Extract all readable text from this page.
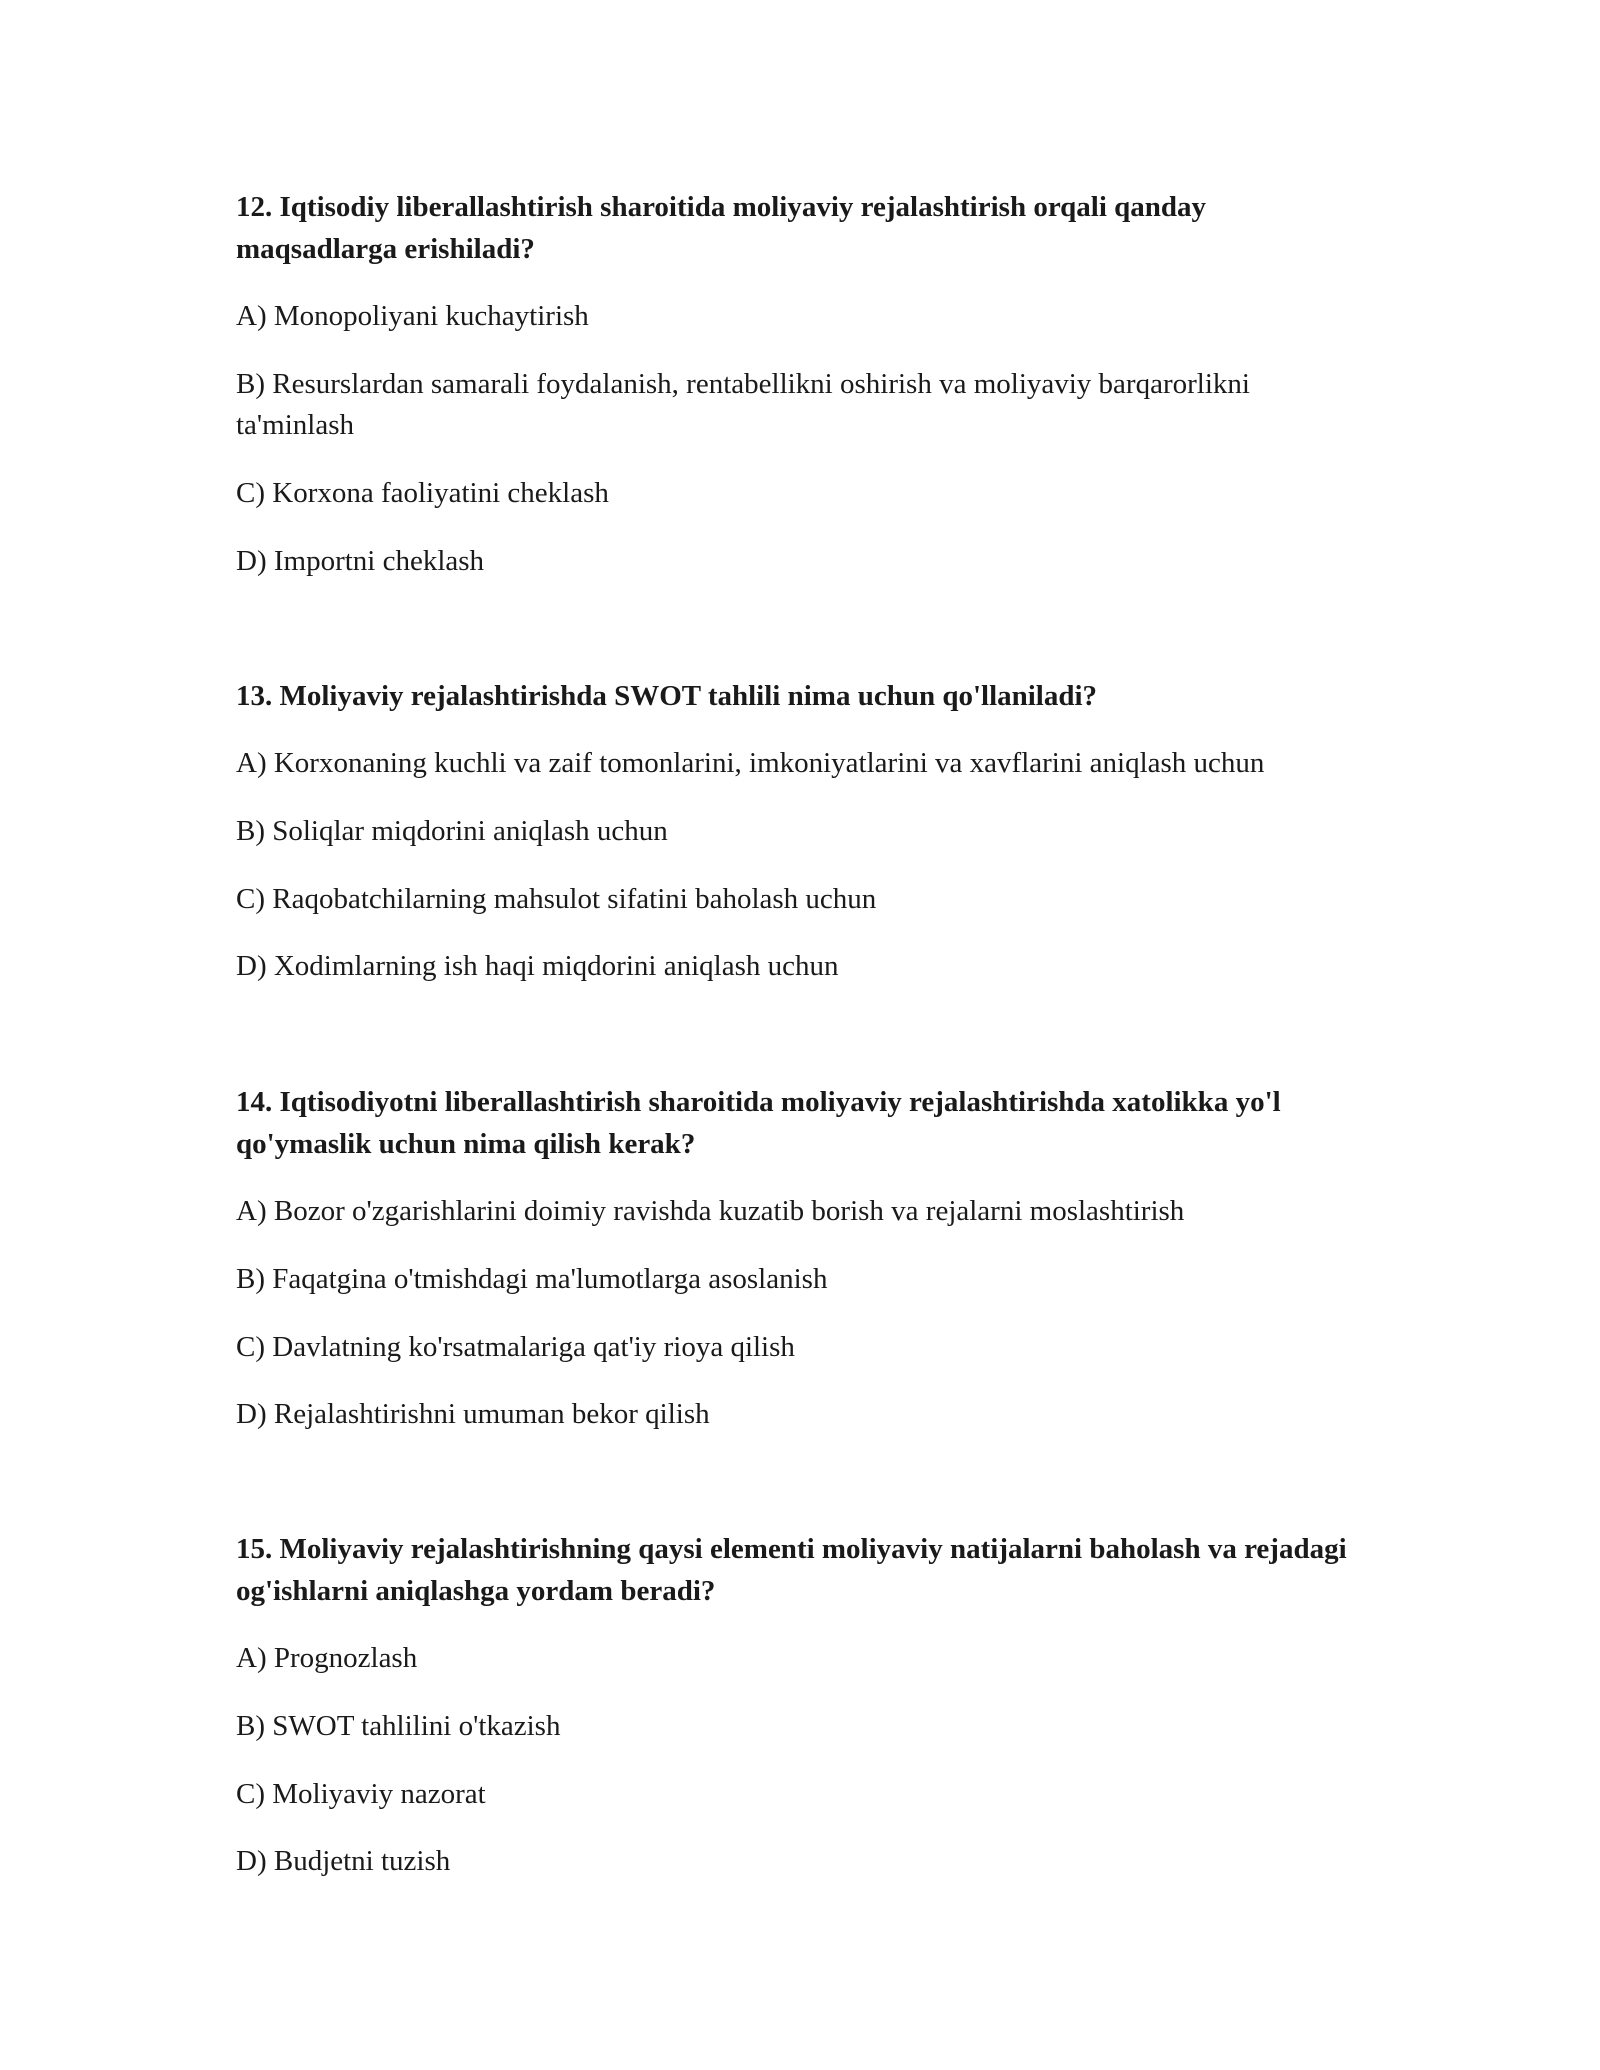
12. Iqtisodiy liberallashtirish sharoitida moliyaviy rejalashtirish orqali qanday maqsadlarga erishiladi?

A) Monopoliyani kuchaytirish

B) Resurslardan samarali foydalanish, rentabellikni oshirish va moliyaviy barqarorlikni ta'minlash

C) Korxona faoliyatini cheklash

D) Importni cheklash

13. Moliyaviy rejalashtirishda SWOT tahlili nima uchun qo'llaniladi?

A) Korxonaning kuchli va zaif tomonlarini, imkoniyatlarini va xavflarini aniqlash uchun

B) Soliqlar miqdorini aniqlash uchun

C) Raqobatchilarning mahsulot sifatini baholash uchun

D) Xodimlarning ish haqi miqdorini aniqlash uchun

14. Iqtisodiyotni liberallashtirish sharoitida moliyaviy rejalashtirishda xatolikka yo'l qo'ymaslik uchun nima qilish kerak?

A) Bozor o'zgarishlarini doimiy ravishda kuzatib borish va rejalarni moslashtirish

B) Faqatgina o'tmishdagi ma'lumotlarga asoslanish

C) Davlatning ko'rsatmalariga qat'iy rioya qilish

D) Rejalashtirishni umuman bekor qilish

15. Moliyaviy rejalashtirishning qaysi elementi moliyaviy natijalarni baholash va rejadagi og'ishlarni aniqlashga yordam beradi?

A) Prognozlash

B) SWOT tahlilini o'tkazish

C) Moliyaviy nazorat

D) Budjetni tuzish
